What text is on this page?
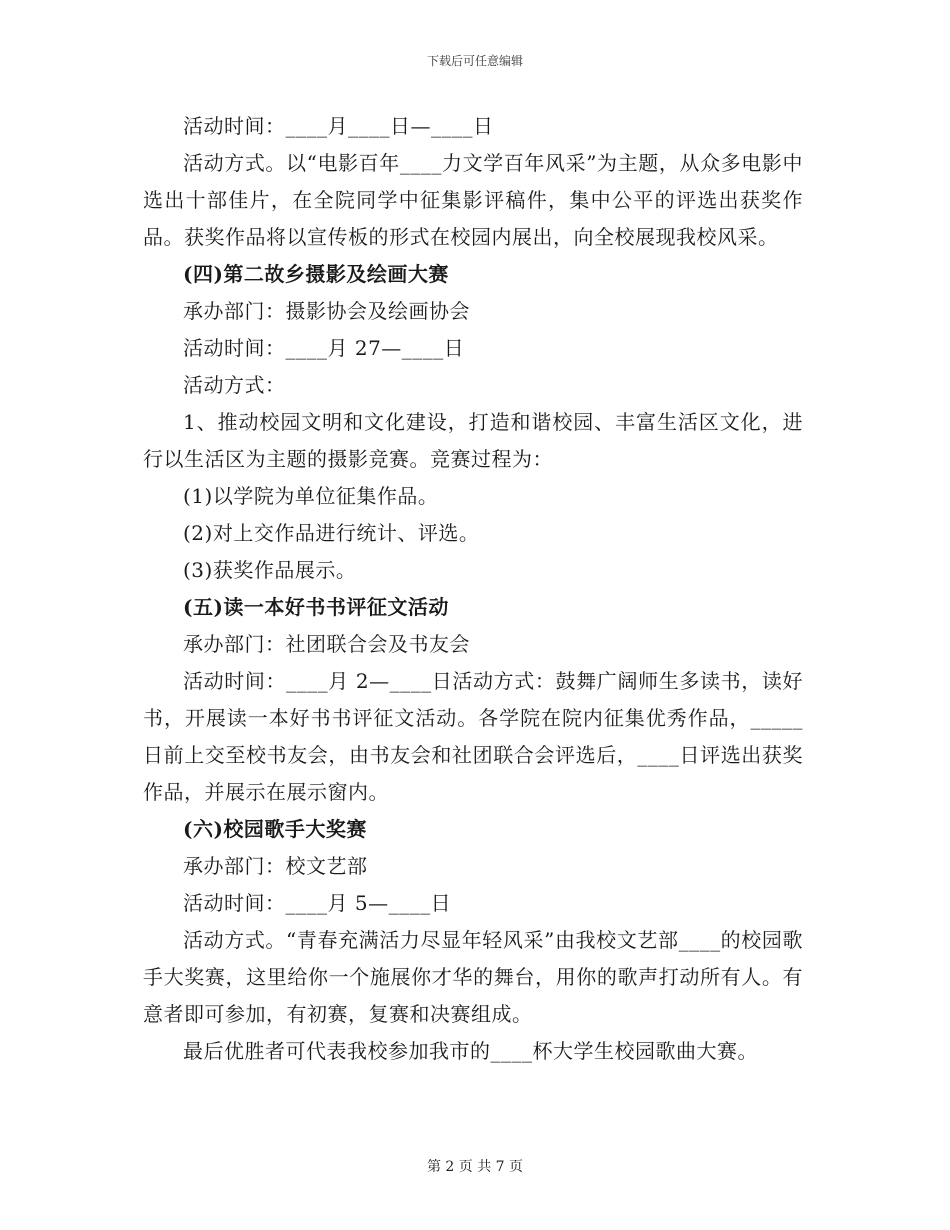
下载后可任意编辑

活动时间：____月____日—____日

活动方式。以“电影百年____力文学百年风采”为主题，从众多电影中选出十部佳片，在全院同学中征集影评稿件，集中公平的评选出获奖作品。获奖作品将以宣传板的形式在校园内展出，向全校展现我校风采。

(四)第二故乡摄影及绘画大赛

承办部门：摄影协会及绘画协会

活动时间：____月 27—____日

活动方式：

1、推动校园文明和文化建设，打造和谐校园、丰富生活区文化，进行以生活区为主题的摄影竞赛。竞赛过程为：

(1)以学院为单位征集作品。

(2)对上交作品进行统计、评选。

(3)获奖作品展示。

(五)读一本好书书评征文活动

承办部门：社团联合会及书友会

活动时间：____月 2—____日活动方式：鼓舞广阔师生多读书，读好书，开展读一本好书书评征文活动。各学院在院内征集优秀作品，_____日前上交至校书友会，由书友会和社团联合会评选后，____日评选出获奖作品，并展示在展示窗内。

(六)校园歌手大奖赛

承办部门：校文艺部

活动时间：____月 5—____日

活动方式。“青春充满活力尽显年轻风采”由我校文艺部____的校园歌手大奖赛，这里给你一个施展你才华的舞台，用你的歌声打动所有人。有意者即可参加，有初赛，复赛和决赛组成。

最后优胜者可代表我校参加我市的____杯大学生校园歌曲大赛。

第 2 页 共 7 页
